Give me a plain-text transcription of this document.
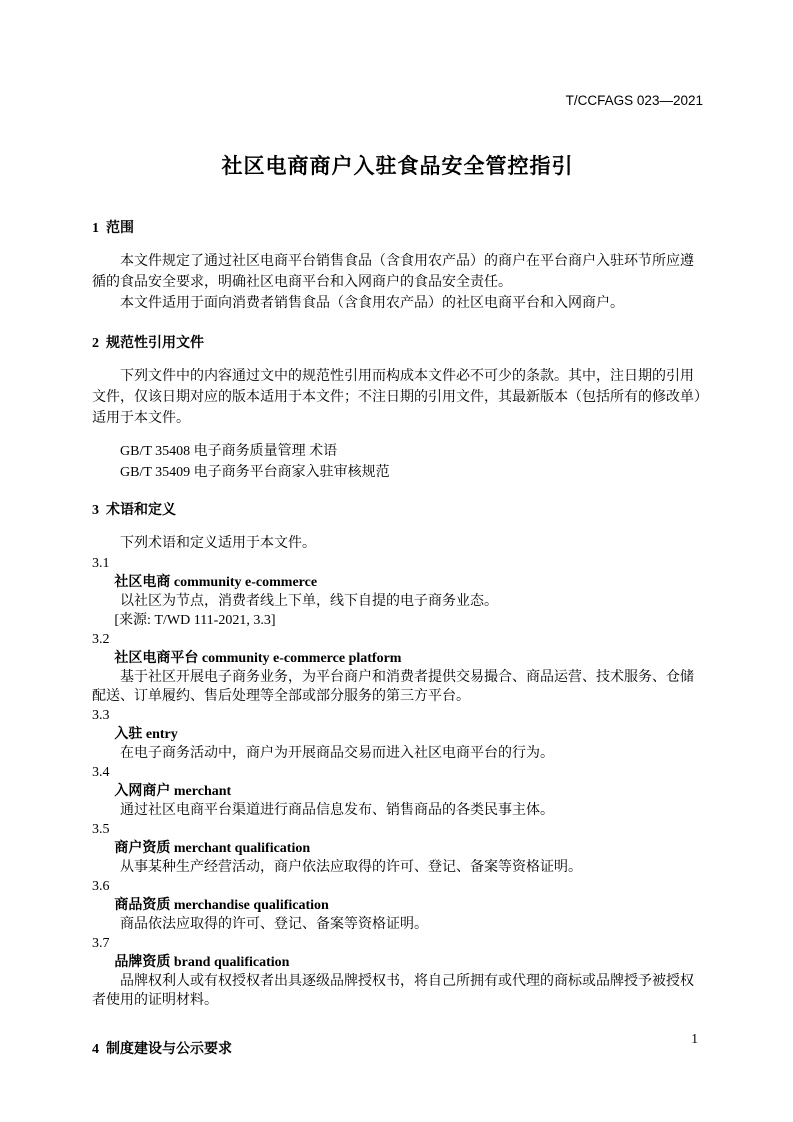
T/CCFAGS 023—2021
社区电商商户入驻食品安全管控指引
1  范围

本文件规定了通过社区电商平台销售食品（含食用农产品）的商户在平台商户入驻环节所应遵循的食品安全要求，明确社区电商平台和入网商户的食品安全责任。

本文件适用于面向消费者销售食品（含食用农产品）的社区电商平台和入网商户。

2  规范性引用文件

下列文件中的内容通过文中的规范性引用而构成本文件必不可少的条款。其中，注日期的引用文件，仅该日期对应的版本适用于本文件；不注日期的引用文件，其最新版本（包括所有的修改单）适用于本文件。

GB/T 35408 电子商务质量管理 术语

GB/T 35409 电子商务平台商家入驻审核规范

3  术语和定义

下列术语和定义适用于本文件。

3.1
社区电商 community e-commerce

以社区为节点，消费者线上下单，线下自提的电子商务业态。

[来源: T/WD 111-2021, 3.3]
3.2
社区电商平台 community e-commerce platform

基于社区开展电子商务业务，为平台商户和消费者提供交易撮合、商品运营、技术服务、仓储配送、订单履约、售后处理等全部或部分服务的第三方平台。

3.3
入驻 entry

在电子商务活动中，商户为开展商品交易而进入社区电商平台的行为。

3.4
入网商户 merchant

通过社区电商平台渠道进行商品信息发布、销售商品的各类民事主体。

3.5
商户资质 merchant qualification

从事某种生产经营活动，商户依法应取得的许可、登记、备案等资格证明。

3.6
商品资质 merchandise qualification

商品依法应取得的许可、登记、备案等资格证明。

3.7
品牌资质 brand qualification

品牌权利人或有权授权者出具逐级品牌授权书，将自己所拥有或代理的商标或品牌授予被授权者使用的证明材料。

4  制度建设与公示要求
1
